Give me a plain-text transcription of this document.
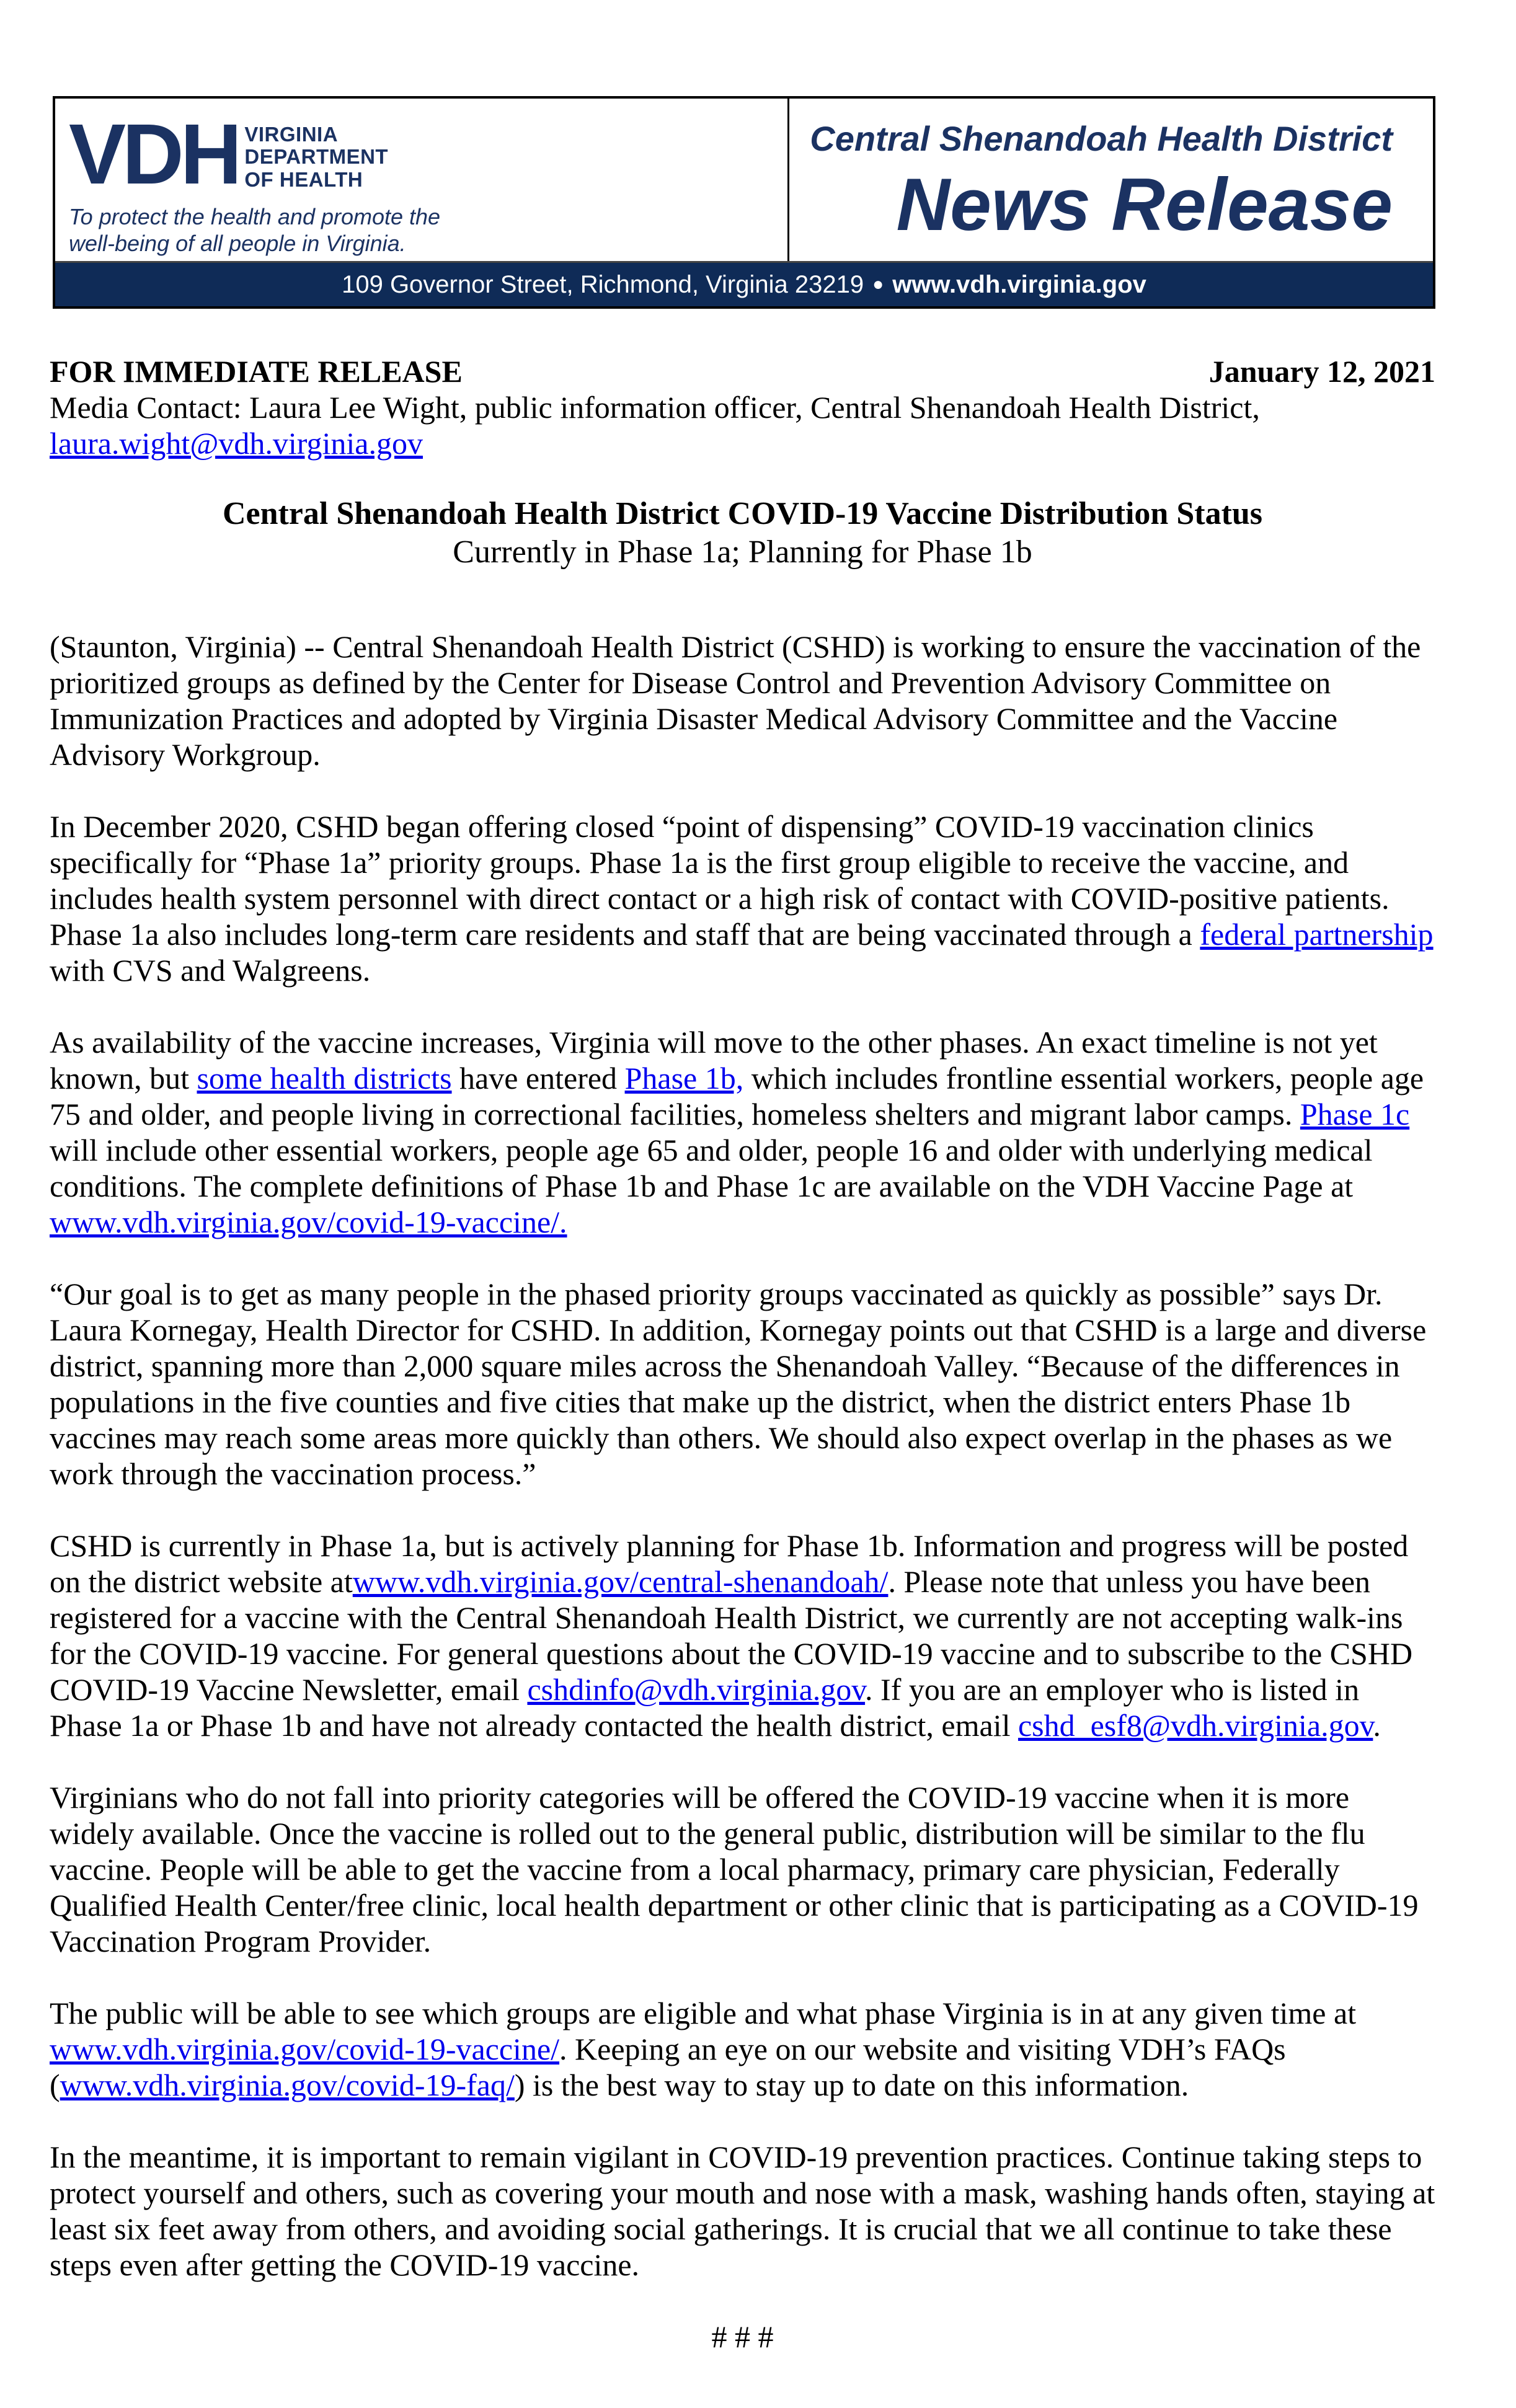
VDH VIRGINIA
DEPARTMENT
OF HEALTH
To protect the health and promote the well-being of all people in Virginia.
Central Shenandoah Health District
News Release
109 Governor Street, Richmond, Virginia 23219 ● www.vdh.virginia.gov
FOR IMMEDIATE RELEASE	January 12, 2021

Media Contact: Laura Lee Wight, public information officer, Central Shenandoah Health District,

laura.wight@vdh.virginia.gov

Central Shenandoah Health District COVID-19 Vaccine Distribution Status

Currently in Phase 1a; Planning for Phase 1b

(Staunton, Virginia) -- Central Shenandoah Health District (CSHD) is working to ensure the vaccination of the prioritized groups as defined by the Center for Disease Control and Prevention Advisory Committee on Immunization Practices and adopted by Virginia Disaster Medical Advisory Committee and the Vaccine Advisory Workgroup.

In December 2020, CSHD began offering closed “point of dispensing” COVID-19 vaccination clinics specifically for “Phase 1a” priority groups. Phase 1a is the first group eligible to receive the vaccine, and includes health system personnel with direct contact or a high risk of contact with COVID-positive patients. Phase 1a also includes long-term care residents and staff that are being vaccinated through a federal partnership with CVS and Walgreens.

As availability of the vaccine increases, Virginia will move to the other phases. An exact timeline is not yet known, but some health districts have entered Phase 1b, which includes frontline essential workers, people age 75 and older, and people living in correctional facilities, homeless shelters and migrant labor camps. Phase 1c will include other essential workers, people age 65 and older, people 16 and older with underlying medical conditions. The complete definitions of Phase 1b and Phase 1c are available on the VDH Vaccine Page at www.vdh.virginia.gov/covid-19-vaccine/.

“Our goal is to get as many people in the phased priority groups vaccinated as quickly as possible” says Dr. Laura Kornegay, Health Director for CSHD. In addition, Kornegay points out that CSHD is a large and diverse district, spanning more than 2,000 square miles across the Shenandoah Valley. “Because of the differences in populations in the five counties and five cities that make up the district, when the district enters Phase 1b vaccines may reach some areas more quickly than others. We should also expect overlap in the phases as we work through the vaccination process.”

CSHD is currently in Phase 1a, but is actively planning for Phase 1b. Information and progress will be posted on the district website atwww.vdh.virginia.gov/central-shenandoah/. Please note that unless you have been registered for a vaccine with the Central Shenandoah Health District, we currently are not accepting walk-ins for the COVID-19 vaccine. For general questions about the COVID-19 vaccine and to subscribe to the CSHD COVID-19 Vaccine Newsletter, email cshdinfo@vdh.virginia.gov. If you are an employer who is listed in Phase 1a or Phase 1b and have not already contacted the health district, email cshd_esf8@vdh.virginia.gov.

Virginians who do not fall into priority categories will be offered the COVID-19 vaccine when it is more widely available. Once the vaccine is rolled out to the general public, distribution will be similar to the flu vaccine. People will be able to get the vaccine from a local pharmacy, primary care physician, Federally Qualified Health Center/free clinic, local health department or other clinic that is participating as a COVID-19 Vaccination Program Provider.

The public will be able to see which groups are eligible and what phase Virginia is in at any given time at www.vdh.virginia.gov/covid-19-vaccine/. Keeping an eye on our website and visiting VDH’s FAQs (www.vdh.virginia.gov/covid-19-faq/) is the best way to stay up to date on this information.

In the meantime, it is important to remain vigilant in COVID-19 prevention practices. Continue taking steps to protect yourself and others, such as covering your mouth and nose with a mask, washing hands often, staying at least six feet away from others, and avoiding social gatherings. It is crucial that we all continue to take these steps even after getting the COVID-19 vaccine.

# # #
